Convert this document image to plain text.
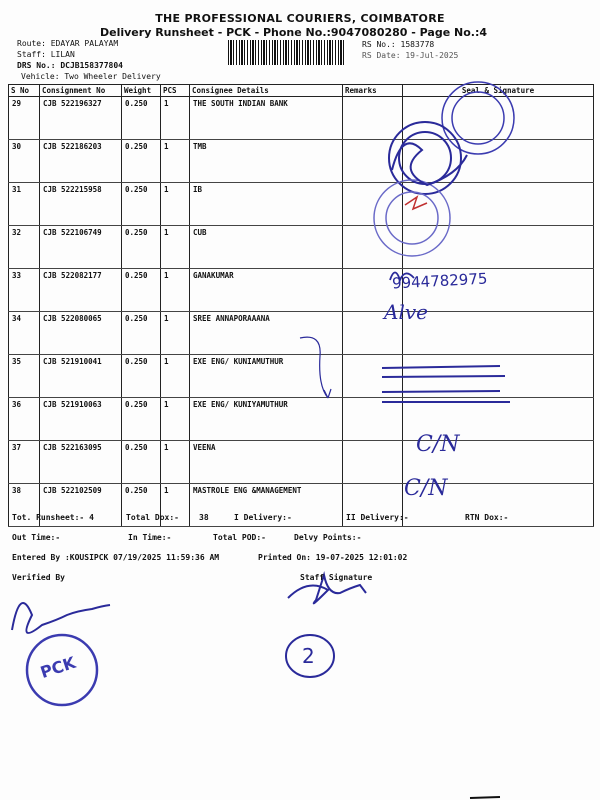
THE PROFESSIONAL COURIERS, COIMBATORE
Delivery Runsheet - PCK - Phone No.:9047080280 - Page No.:4
Route: EDAYAR PALAYAM
Staff: LILAN
DRS No.: DCJB158377804
Vehicle: Two Wheeler Delivery
RS No.: 1583778
RS Date: 19-Jul-2025
S No	Consignment No	Weight	PCS	Consignee Details	Remarks	Seal & Signature
29	CJB 522196327	0.250	1	THE SOUTH INDIAN BANK		
30	CJB 522186203	0.250	1	TMB		
31	CJB 522215958	0.250	1	IB		
32	CJB 522106749	0.250	1	CUB		
33	CJB 522082177	0.250	1	GANAKUMAR		
34	CJB 522080065	0.250	1	SREE ANNAPORAAANA		
35	CJB 521910041	0.250	1	EXE ENG/ KUNIAMUTHUR		
36	CJB 521910063	0.250	1	EXE ENG/ KUNIYAMUTHUR		
37	CJB 522163095	0.250	1	VEENA		
38	CJB 522102509	0.250	1	MASTROLE ENG &MANAGEMENT		
9944782975
Alve
C/N
C/N
Tot. Runsheet:- 4	Total Dox:-	38	I Delivery:-	II Delivery:-	RTN Dox:-
Out Time:-	In Time:-	Total POD:-	Delvy Points:-
Entered By :KOUSIPCK 07/19/2025 11:59:36 AM	Printed On: 19-07-2025 12:01:02
Verified By	Staff Signature
PCK	2
